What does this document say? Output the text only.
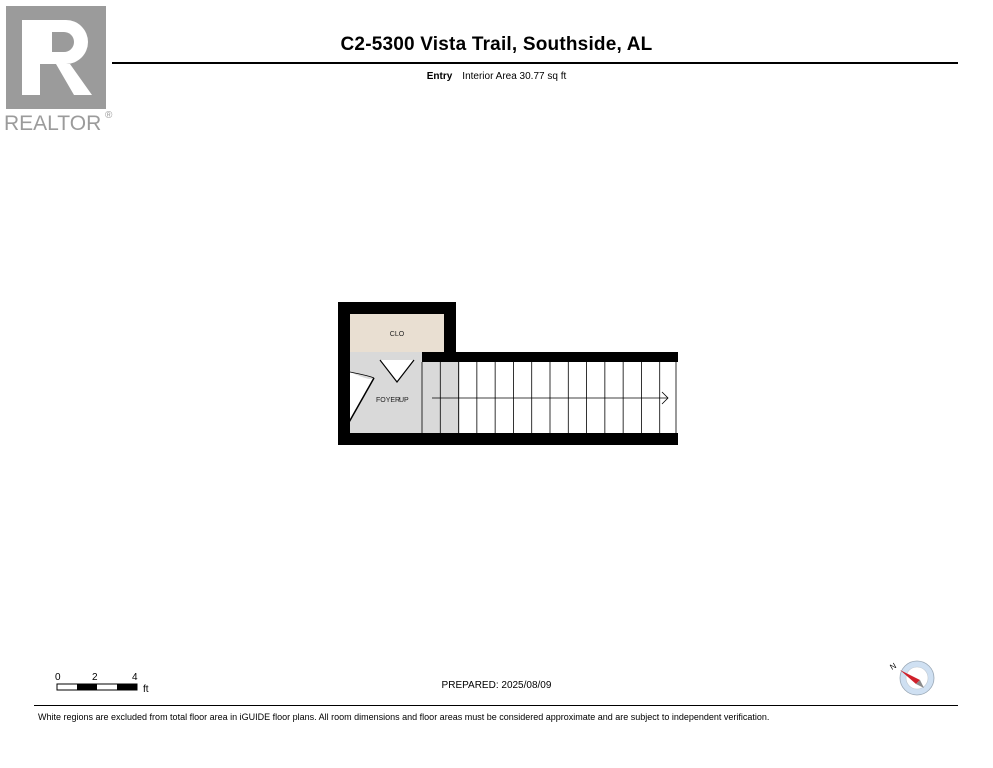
REALTOR ®
C2-5300 Vista Trail, Southside, AL
Entry Interior Area 30.77 sq ft
CLO
FOYER
UP
0	2	4
ft	PREPARED: 2025/08/09
N
White regions are excluded from total floor area in iGUIDE floor plans. All room dimensions and floor areas must be considered approximate and are subject to independent verification.
